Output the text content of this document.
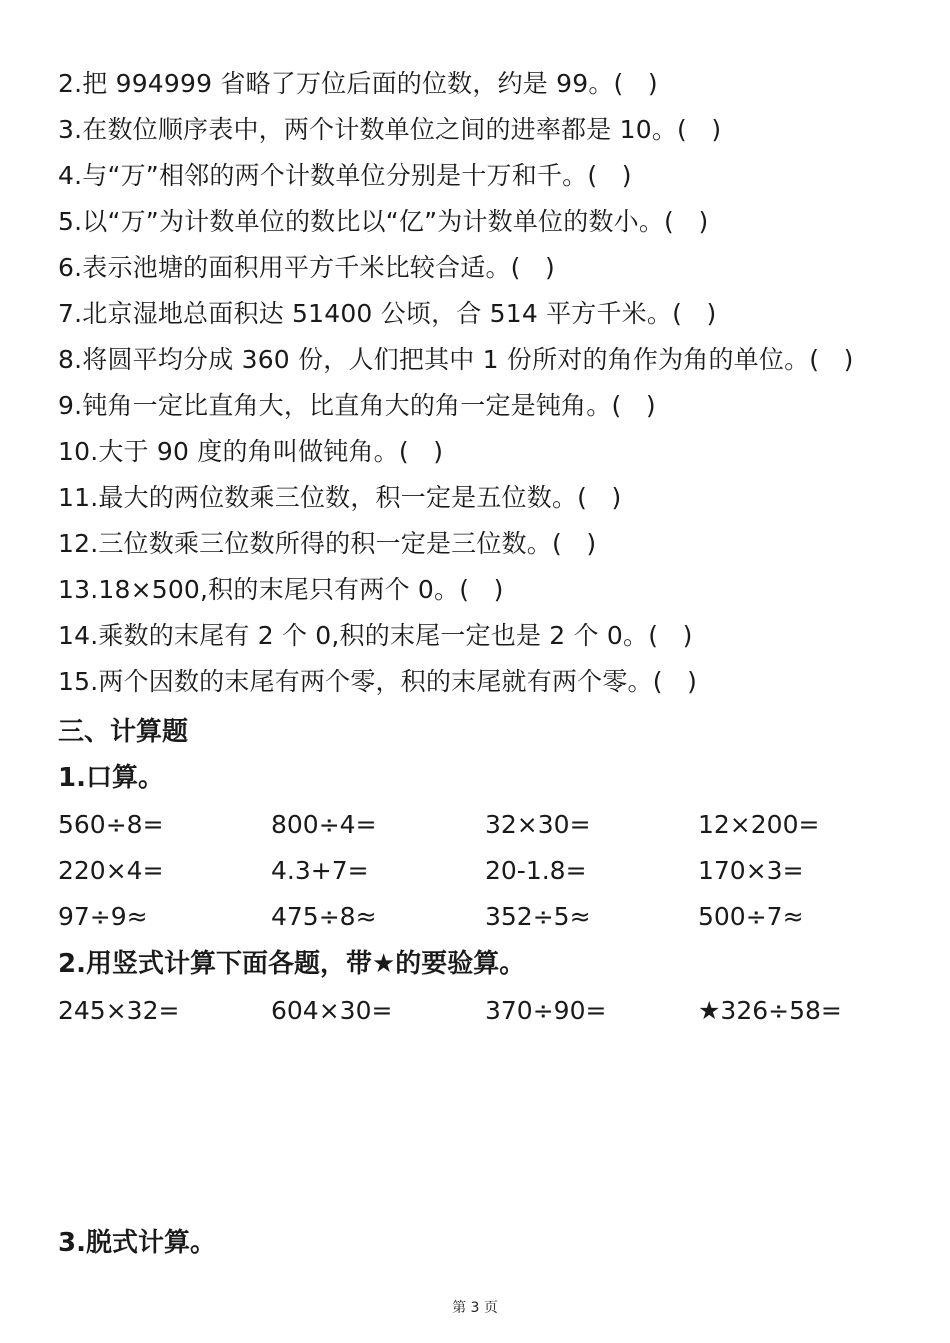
2.把 994999 省略了万位后面的位数，约是 99。(   )
3.在数位顺序表中，两个计数单位之间的进率都是 10。(   )
4.与“万”相邻的两个计数单位分别是十万和千。(   )
5.以“万”为计数单位的数比以“亿”为计数单位的数小。(   )
6.表示池塘的面积用平方千米比较合适。(   )
7.北京湿地总面积达 51400 公顷，合 514 平方千米。(   )
8.将圆平均分成 360 份，人们把其中 1 份所对的角作为角的单位。(   )
9.钝角一定比直角大，比直角大的角一定是钝角。(   )
10.大于 90 度的角叫做钝角。(   )
11.最大的两位数乘三位数，积一定是五位数。(   )
12.三位数乘三位数所得的积一定是三位数。(   )
13.18×500,积的末尾只有两个 0。(   )
14.乘数的末尾有 2 个 0,积的末尾一定也是 2 个 0。(   )
15.两个因数的末尾有两个零，积的末尾就有两个零。(   )
三、计算题
1.口算。
560÷8=	800÷4=	32×30=	12×200=
220×4=	4.3+7=	20-1.8=	170×3=
97÷9≈	475÷8≈	352÷5≈	500÷7≈
2.用竖式计算下面各题，带★的要验算。
245×32=	604×30=	370÷90=	★326÷58=
3.脱式计算。
第 3 页
